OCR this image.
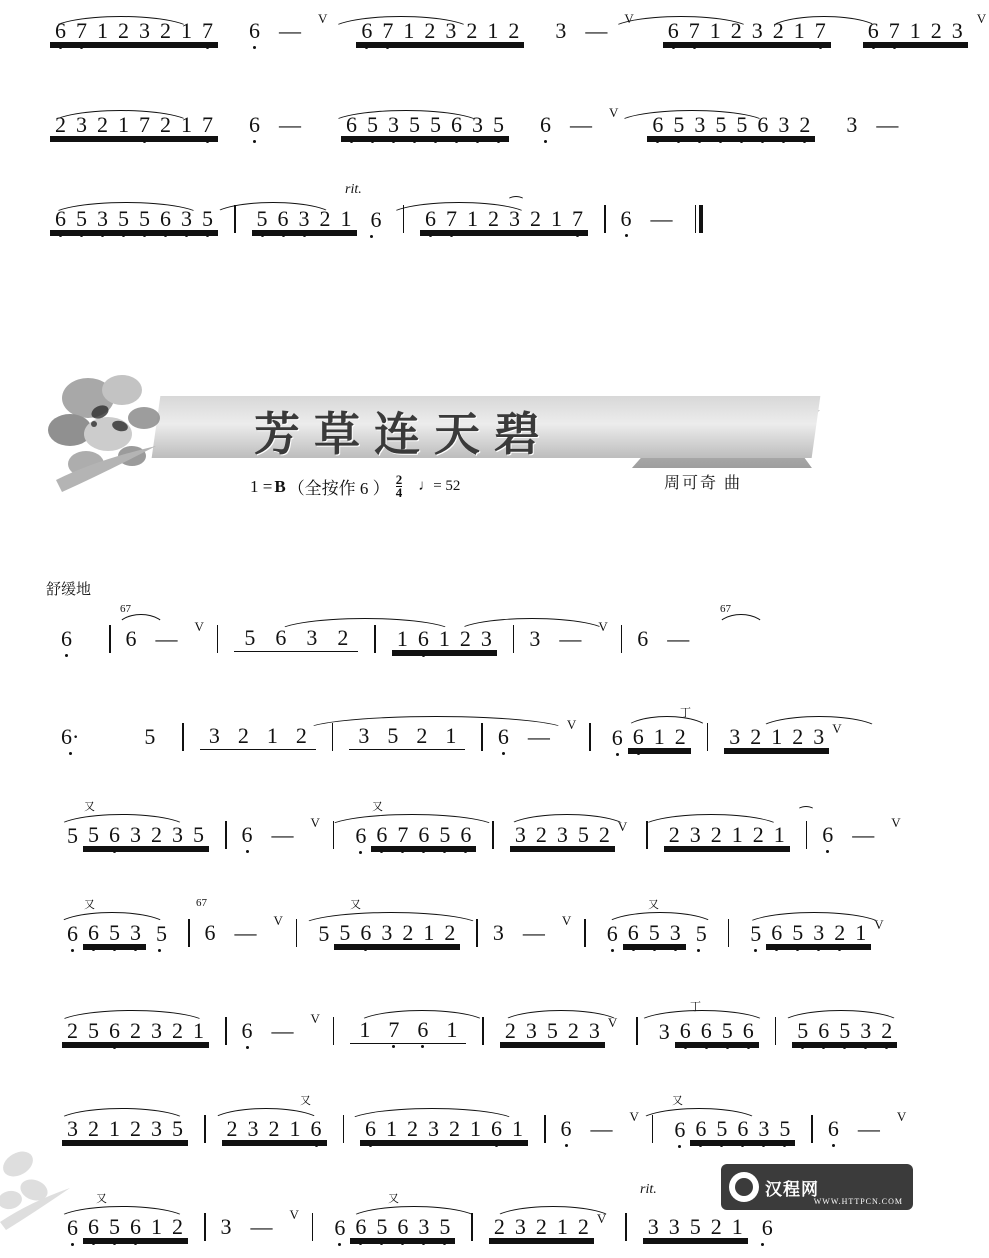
6 7 1 2 3 2 1 7 6 —	V 6 7 1 2 3 2 1 2 3 —	V 6 7 1 2 3 2 1 7 6 7 1 2 3	V
2 3 2 1 7 2 1 7 6 —	6 5 3 5 5 6 3 5 6 —	V 6 5 3 5 5 6 3 2 3 —
rit.
⁀
6 5 3 5 5 6 3 5 5 6 3 2 1 6 6 7 1 2 3 2 1 7 6 —
芳草连天碧
周可奇 曲
1 = B （全按作 6 ） $\frac{2}{4}$ ♩= 52
舒缓地
67	67
6 6 —	V	5 6 3 2	1 6 1 2 3 3 —	V 6 —
丁
6·	5	3 2 1 2	3 5 2 1	6 —	V 6 6 1 2 3 2 1 2 3 V
又	又
⁀
5 5 6 3 2 3 5 6 —	V 6 6 7 6 5 6 3 2 3 5 2 V 2 3 2 1 2 1 6 —	V
又	67	又	又
6 6 5 3 5 6 —	V 5 5 6 3 2 1 2 3 —	V 6 6 5 3 5 5 6 5 3 2 1 V
丁
2 5 6 2 3 2 1 6 —	V	1 7 6 1	2 3 5 2 3 V 3 6 6 5 6 5 6 5 3 2
又	又
3 2 1 2 3 5 2 3 2 1 6 6 1 2 3 2 1 6 1 6 —	V 6 6 5 6 3 5 6 —	V
又	又
rit.
6 6 5 6 1 2 3 —	V 6 6 5 6 3 5 2 3 2 1 2 V 3 3 5 2 1 6
汉程网
WWW.HTTPCN.COM
